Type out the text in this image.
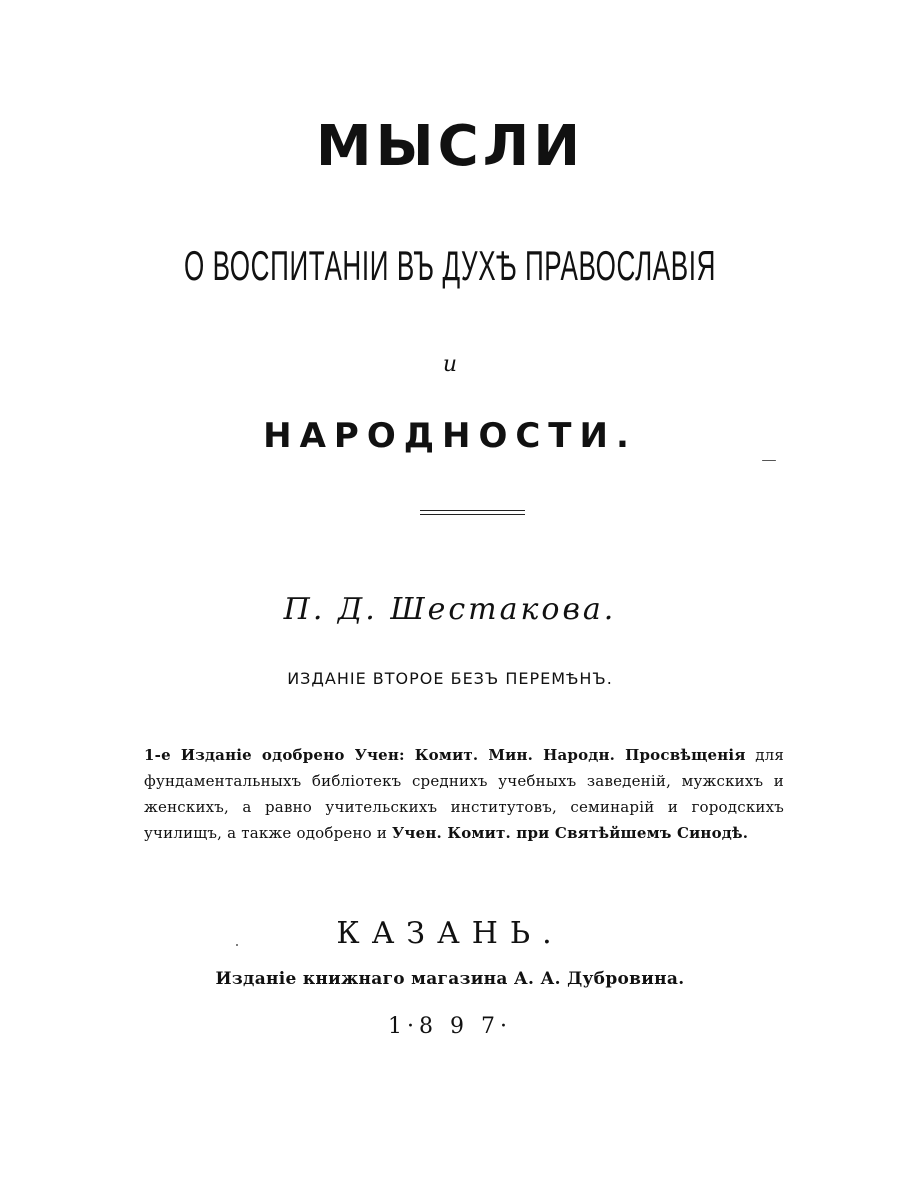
МЫСЛИ
О ВОСПИТАНІИ ВЪ ДУХѢ ПРАВОСЛАВІЯ
и
НАРОДНОСТИ.
П. Д. Шестакова.
ИЗДАНІЕ ВТОРОЕ БЕЗЪ ПЕРЕМѢНЪ.
1-е Изданіе одобрено Учен: Комит. Мин. Народн. Просвѣщенія для фундаментальныхъ библіотекъ среднихъ учебныхъ заведеній, мужскихъ и женскихъ, а равно учительскихъ институтовъ, семинарій и городскихъ училищъ, а также одобрено и Учен. Комит. при Святѣйшемъ Синодѣ.
КАЗАНЬ.
Изданіе книжнаго магазина А. А. Дубровина.
1·8 9 7·
